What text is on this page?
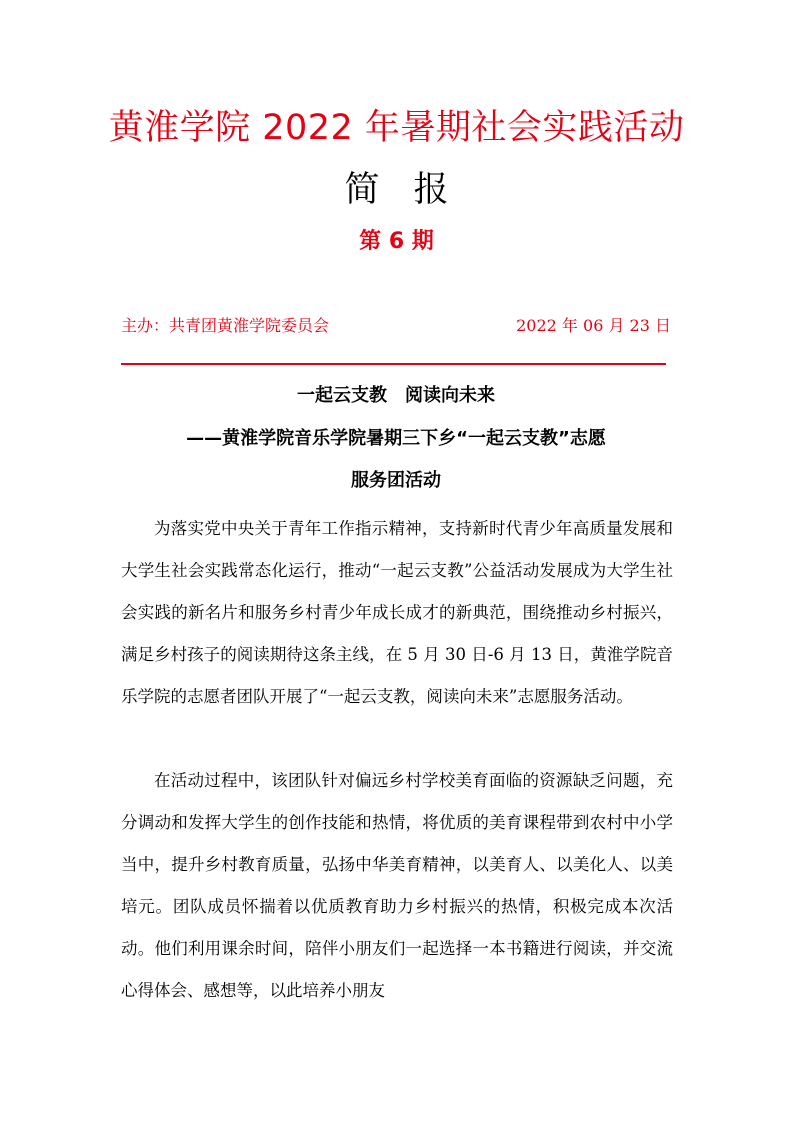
黄淮学院 2022 年暑期社会实践活动
简报
第 6 期
主办：共青团黄淮学院委员会	2022 年 06 月 23 日
一起云支教　阅读向未来
——黄淮学院音乐学院暑期三下乡“一起云支教”志愿
服务团活动

为落实党中央关于青年工作指示精神，支持新时代青少年高质量发展和大学生社会实践常态化运行，推动“一起云支教”公益活动发展成为大学生社会实践的新名片和服务乡村青少年成长成才的新典范，围绕推动乡村振兴，满足乡村孩子的阅读期待这条主线，在 5 月 30 日-6 月 13 日，黄淮学院音乐学院的志愿者团队开展了“一起云支教，阅读向未来”志愿服务活动。

在活动过程中，该团队针对偏远乡村学校美育面临的资源缺乏问题，充分调动和发挥大学生的创作技能和热情，将优质的美育课程带到农村中小学当中，提升乡村教育质量，弘扬中华美育精神，以美育人、以美化人、以美培元。团队成员怀揣着以优质教育助力乡村振兴的热情，积极完成本次活动。他们利用课余时间，陪伴小朋友们一起选择一本书籍进行阅读，并交流心得体会、感想等，以此培养小朋友
